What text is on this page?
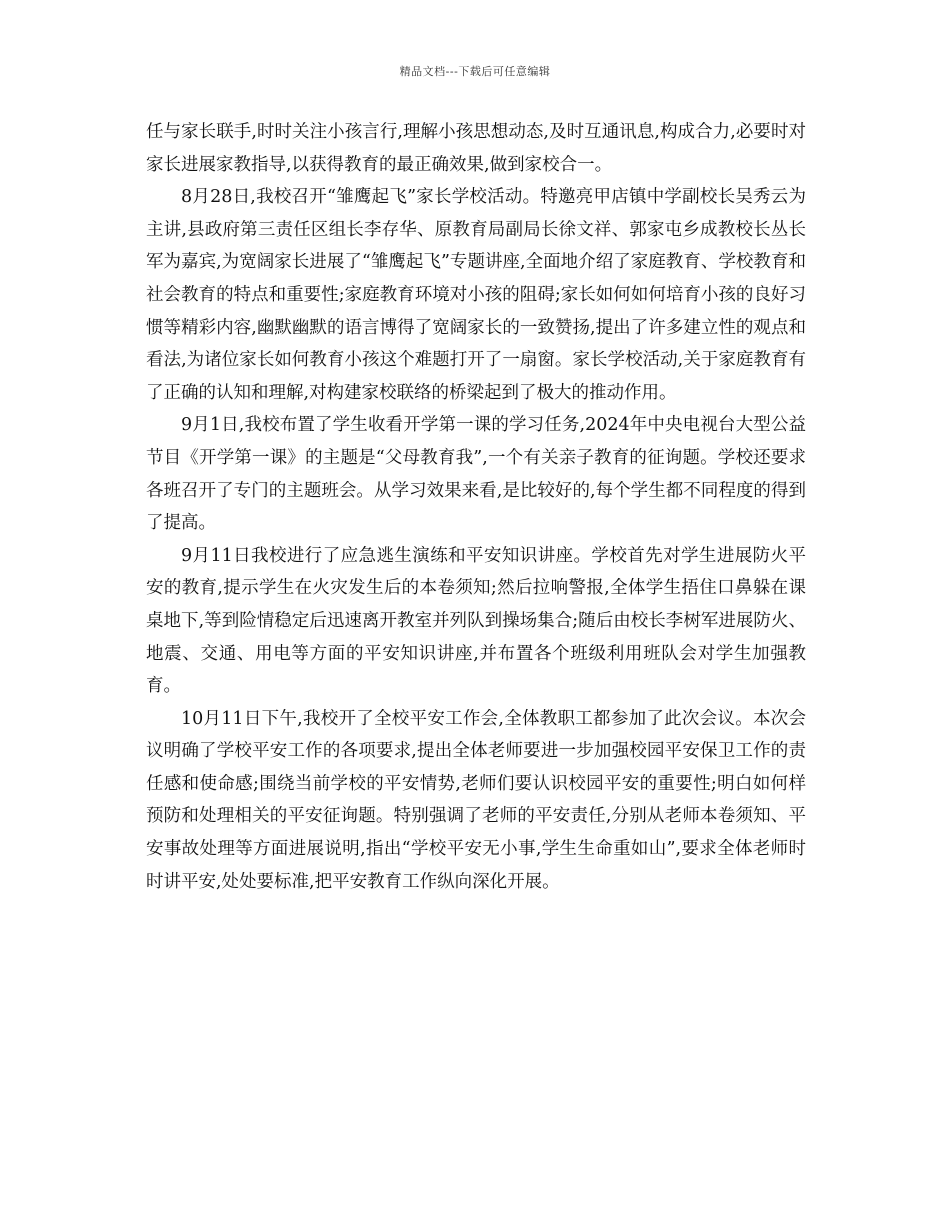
精品文档---下载后可任意编辑

任与家长联手,时时关注小孩言行,理解小孩思想动态,及时互通讯息,构成合力,必要时对家长进展家教指导,以获得教育的最正确效果,做到家校合一。

8月28日,我校召开“雏鹰起飞”家长学校活动。特邀亮甲店镇中学副校长吴秀云为主讲,县政府第三责任区组长李存华、原教育局副局长徐文祥、郭家屯乡成教校长丛长军为嘉宾,为宽阔家长进展了“雏鹰起飞”专题讲座,全面地介绍了家庭教育、学校教育和社会教育的特点和重要性;家庭教育环境对小孩的阻碍;家长如何如何培育小孩的良好习惯等精彩内容,幽默幽默的语言博得了宽阔家长的一致赞扬,提出了许多建立性的观点和看法,为诸位家长如何教育小孩这个难题打开了一扇窗。家长学校活动,关于家庭教育有了正确的认知和理解,对构建家校联络的桥梁起到了极大的推动作用。

9月1日,我校布置了学生收看开学第一课的学习任务,2024年中央电视台大型公益节目《开学第一课》的主题是“父母教育我”,一个有关亲子教育的征询题。学校还要求各班召开了专门的主题班会。从学习效果来看,是比较好的,每个学生都不同程度的得到了提高。

9月11日我校进行了应急逃生演练和平安知识讲座。学校首先对学生进展防火平安的教育,提示学生在火灾发生后的本卷须知;然后拉响警报,全体学生捂住口鼻躲在课桌地下,等到险情稳定后迅速离开教室并列队到操场集合;随后由校长李树军进展防火、地震、交通、用电等方面的平安知识讲座,并布置各个班级利用班队会对学生加强教育。

10月11日下午,我校开了全校平安工作会,全体教职工都参加了此次会议。本次会议明确了学校平安工作的各项要求,提出全体老师要进一步加强校园平安保卫工作的责任感和使命感;围绕当前学校的平安情势,老师们要认识校园平安的重要性;明白如何样预防和处理相关的平安征询题。特别强调了老师的平安责任,分别从老师本卷须知、平安事故处理等方面进展说明,指出“学校平安无小事,学生生命重如山”,要求全体老师时时讲平安,处处要标准,把平安教育工作纵向深化开展。
